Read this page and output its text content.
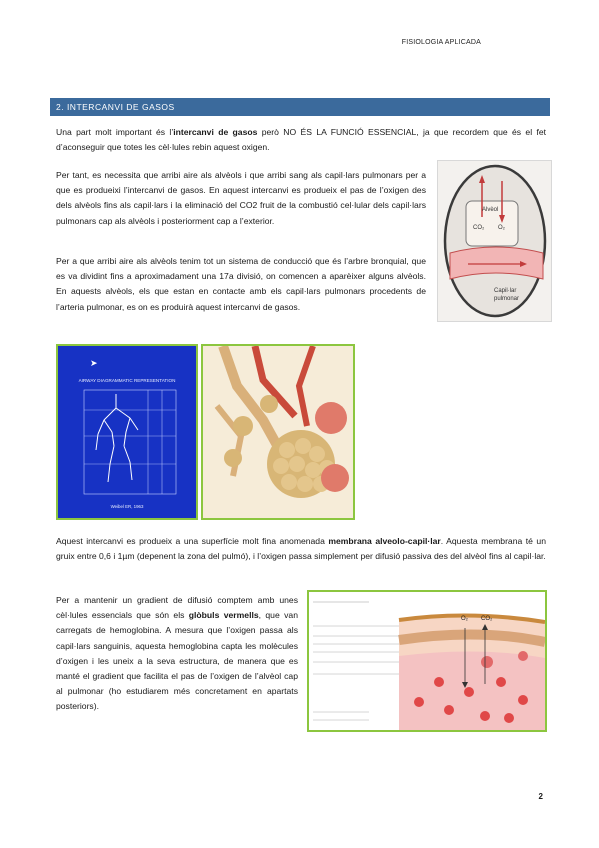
FISIOLOGIA APLICADA
2. INTERCANVI DE GASOS

Una part molt important és l’intercanvi de gasos però NO ÉS LA FUNCIÓ ESSENCIAL, ja que recordem que és el fet d’aconseguir que totes les cèl·lules rebin aquest oxigen.

Per tant, es necessita que arribi aire als alvèols i que arribi sang als capil·lars pulmonars per a que es produeixi l’intercanvi de gasos. En aquest intercanvi es produeix el pas de l’oxigen des dels alvèols fins als capil·lars i la eliminació del CO2 fruit de la combustió cel·lular dels capil·lars pulmonars cap als alvèols i posteriorment cap a l’exterior.

Per a que arribi aire als alvèols tenim tot un sistema de conducció que és l’arbre bronquial, que es va dividint fins a aproximadament una 17a divisió, on comencen a aparèixer alguns alvèols. En aquests alvèols, els que estan en contacte amb els capil·lars pulmonars procedents de l’arteria pulmonar, es on es produirà aquest intercanvi de gasos.

Aquest intercanvi es produeix a una superfície molt fina anomenada membrana alveolo-capil·lar. Aquesta membrana té un gruix entre 0,6 i 1µm (depenent la zona del pulmó), i l’oxigen passa simplement per difusió passiva des del alvèol fins al capil·lar.

Per a mantenir un gradient de difusió comptem amb unes cèl·lules essencials que són els glòbuls vermells, que van carregats de hemoglobina. A mesura que l’oxigen passa als capil·lars sanguinis, aquesta hemoglobina capta les molècules d’oxigen i les uneix a la seva estructura, de manera que es manté el gradient que facilita el pas de l’oxigen de l’alvèol cap al pulmonar (ho estudiarem més concretament en apartats posteriors).

Alvèol
CO₂ O₂
Capil·lar
pulmonar
➤
AIRWAY DIAGRAMMATIC REPRESENTATION
Weibel ER, 1963
O₂ CO₂
2
